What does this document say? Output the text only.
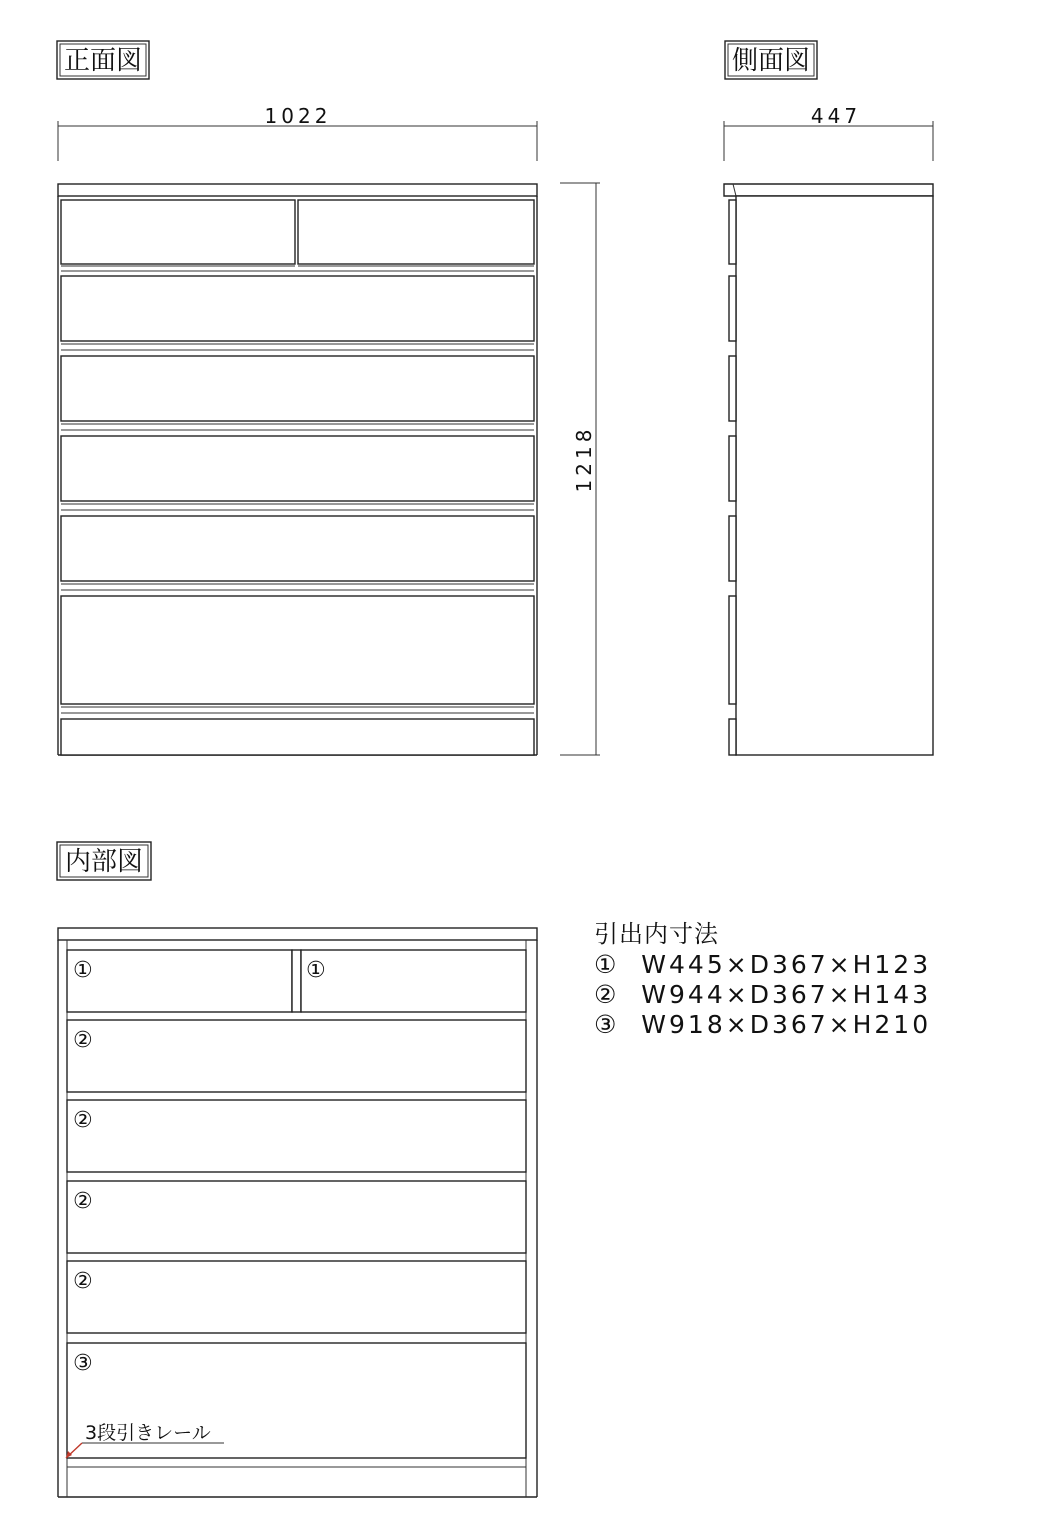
正面図	側面図
内部図
1022
1218
447
①	①
②
②
②
②
③
3段引きレール
引出内寸法
①  W445×D367×H123
②  W944×D367×H143
③  W918×D367×H210
